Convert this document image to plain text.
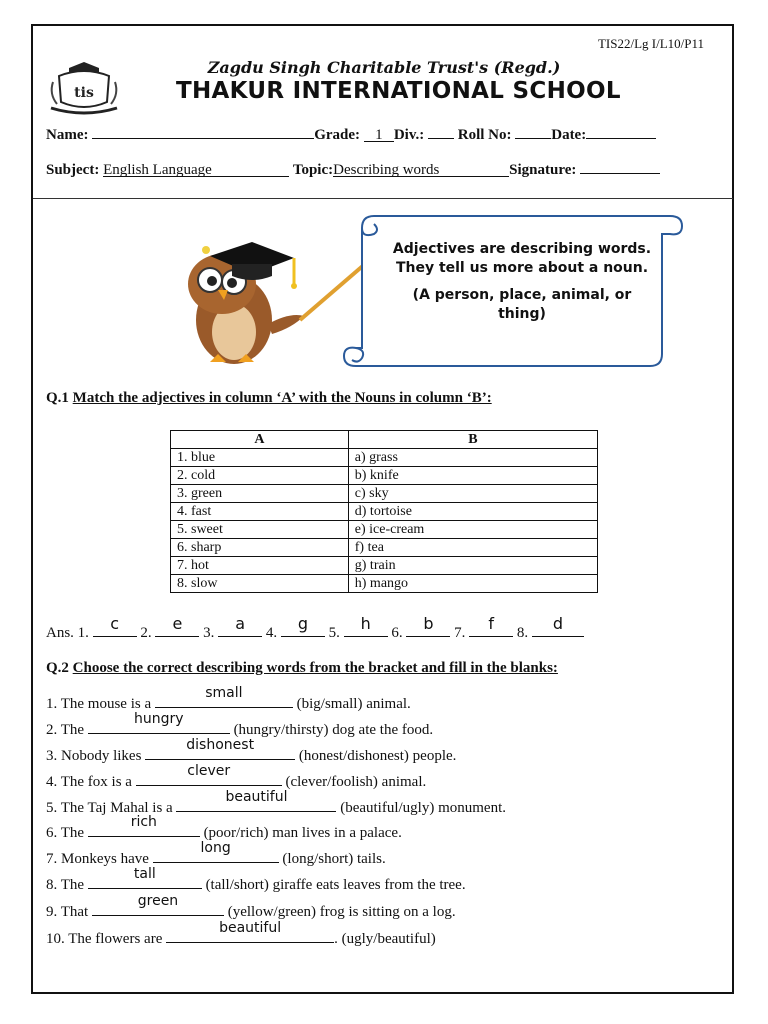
TIS22/Lg I/L10/P11
Zagdu Singh Charitable Trust's (Regd.)
tis	THAKUR INTERNATIONAL SCHOOL
Name:	Grade: 1 Div.: Roll No:	Date:
Subject: English Language	Topic:Describing words	Signature:
Adjectives are describing words. They tell us more about a noun.
(A person, place, animal, or thing)
Q.1 Match the adjectives in column ‘A’ with the Nouns in column ‘B’:
A	B
1. blue	a) grass
2. cold	b) knife
3. green	c) sky
4. fast	d) tortoise
5. sweet	e) ice-cream
6. sharp	f) tea
7. hot	g) train
8. slow	h) mango
Ans. 1.	c	2.	e	3.	a	4.	g	5.	h	6.	b	7.	f	8.	d
Q.2 Choose the correct describing words from the bracket and fill in the blanks:
1. The mouse is a
small
(big/small) animal.
2. The
hungry
(hungry/thirsty) dog ate the food.
3. Nobody likes
dishonest
(honest/dishonest) people.
4. The fox is a
clever
(clever/foolish) animal.
5. The Taj Mahal is a
beautiful
(beautiful/ugly) monument.
6. The
rich
(poor/rich) man lives in a palace.
7. Monkeys have
long
(long/short) tails.
8. The
tall
(tall/short) giraffe eats leaves from the tree.
9. That
green
(yellow/green) frog is sitting on a log.
10. The flowers are
beautiful
. (ugly/beautiful)
